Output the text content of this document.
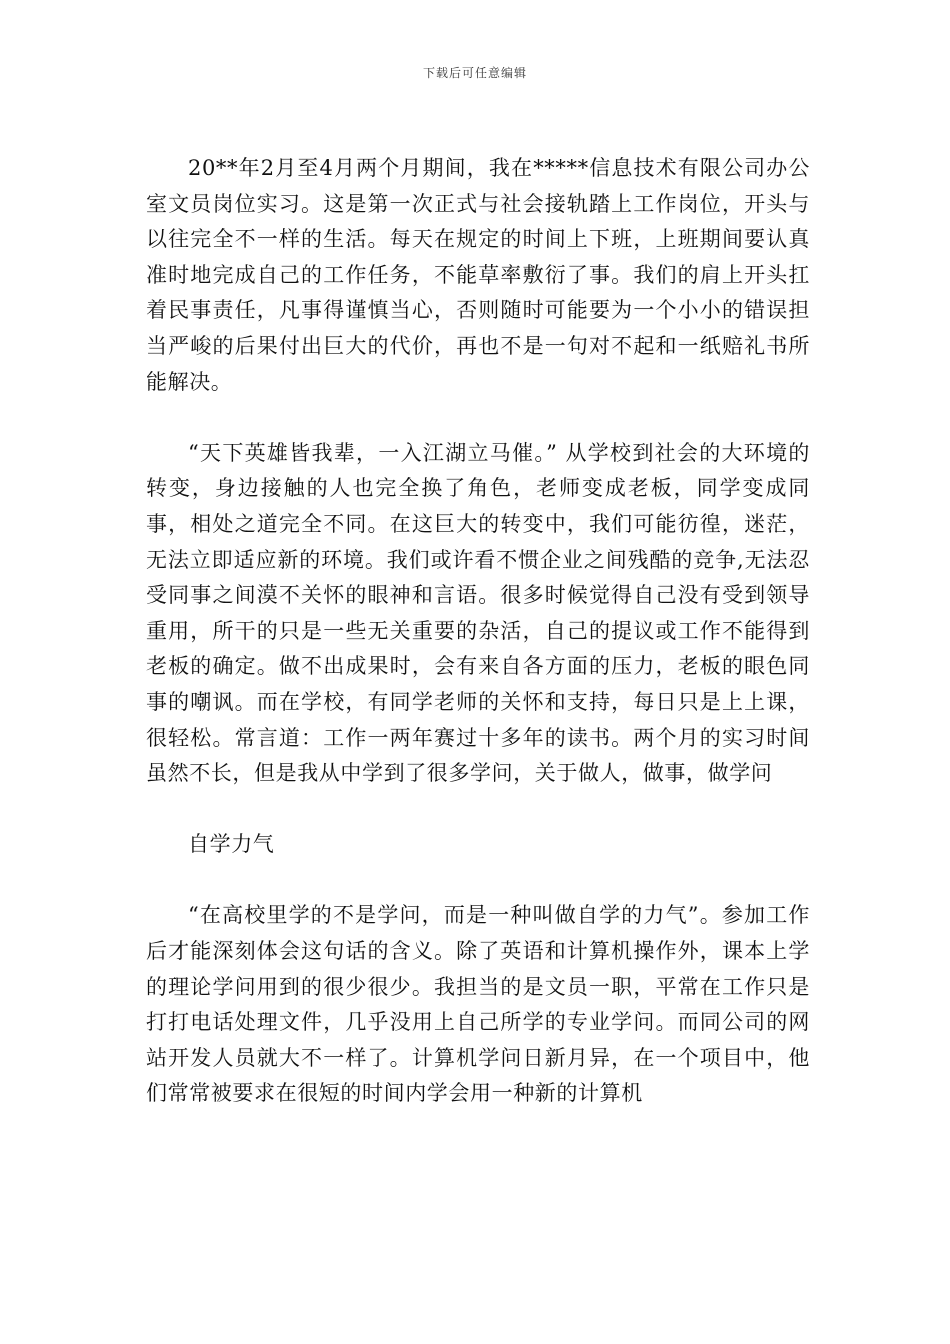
下载后可任意编辑

20**年2月至4月两个月期间，我在*****信息技术有限公司办公室文员岗位实习。这是第一次正式与社会接轨踏上工作岗位，开头与以往完全不一样的生活。每天在规定的时间上下班，上班期间要认真准时地完成自己的工作任务，不能草率敷衍了事。我们的肩上开头扛着民事责任，凡事得谨慎当心，否则随时可能要为一个小小的错误担当严峻的后果付出巨大的代价，再也不是一句对不起和一纸赔礼书所能解决。

“天下英雄皆我辈，一入江湖立马催。” 从学校到社会的大环境的转变，身边接触的人也完全换了角色，老师变成老板，同学变成同事，相处之道完全不同。在这巨大的转变中，我们可能彷徨，迷茫，无法立即适应新的环境。我们或许看不惯企业之间残酷的竞争,无法忍受同事之间漠不关怀的眼神和言语。很多时候觉得自己没有受到领导重用，所干的只是一些无关重要的杂活，自己的提议或工作不能得到老板的确定。做不出成果时，会有来自各方面的压力，老板的眼色同事的嘲讽。而在学校，有同学老师的关怀和支持，每日只是上上课，很轻松。常言道：工作一两年赛过十多年的读书。两个月的实习时间虽然不长，但是我从中学到了很多学问，关于做人，做事，做学问

自学力气

“在高校里学的不是学问，而是一种叫做自学的力气”。参加工作后才能深刻体会这句话的含义。除了英语和计算机操作外，课本上学的理论学问用到的很少很少。我担当的是文员一职，平常在工作只是打打电话处理文件，几乎没用上自己所学的专业学问。而同公司的网站开发人员就大不一样了。计算机学问日新月异，在一个项目中，他们常常被要求在很短的时间内学会用一种新的计算机
